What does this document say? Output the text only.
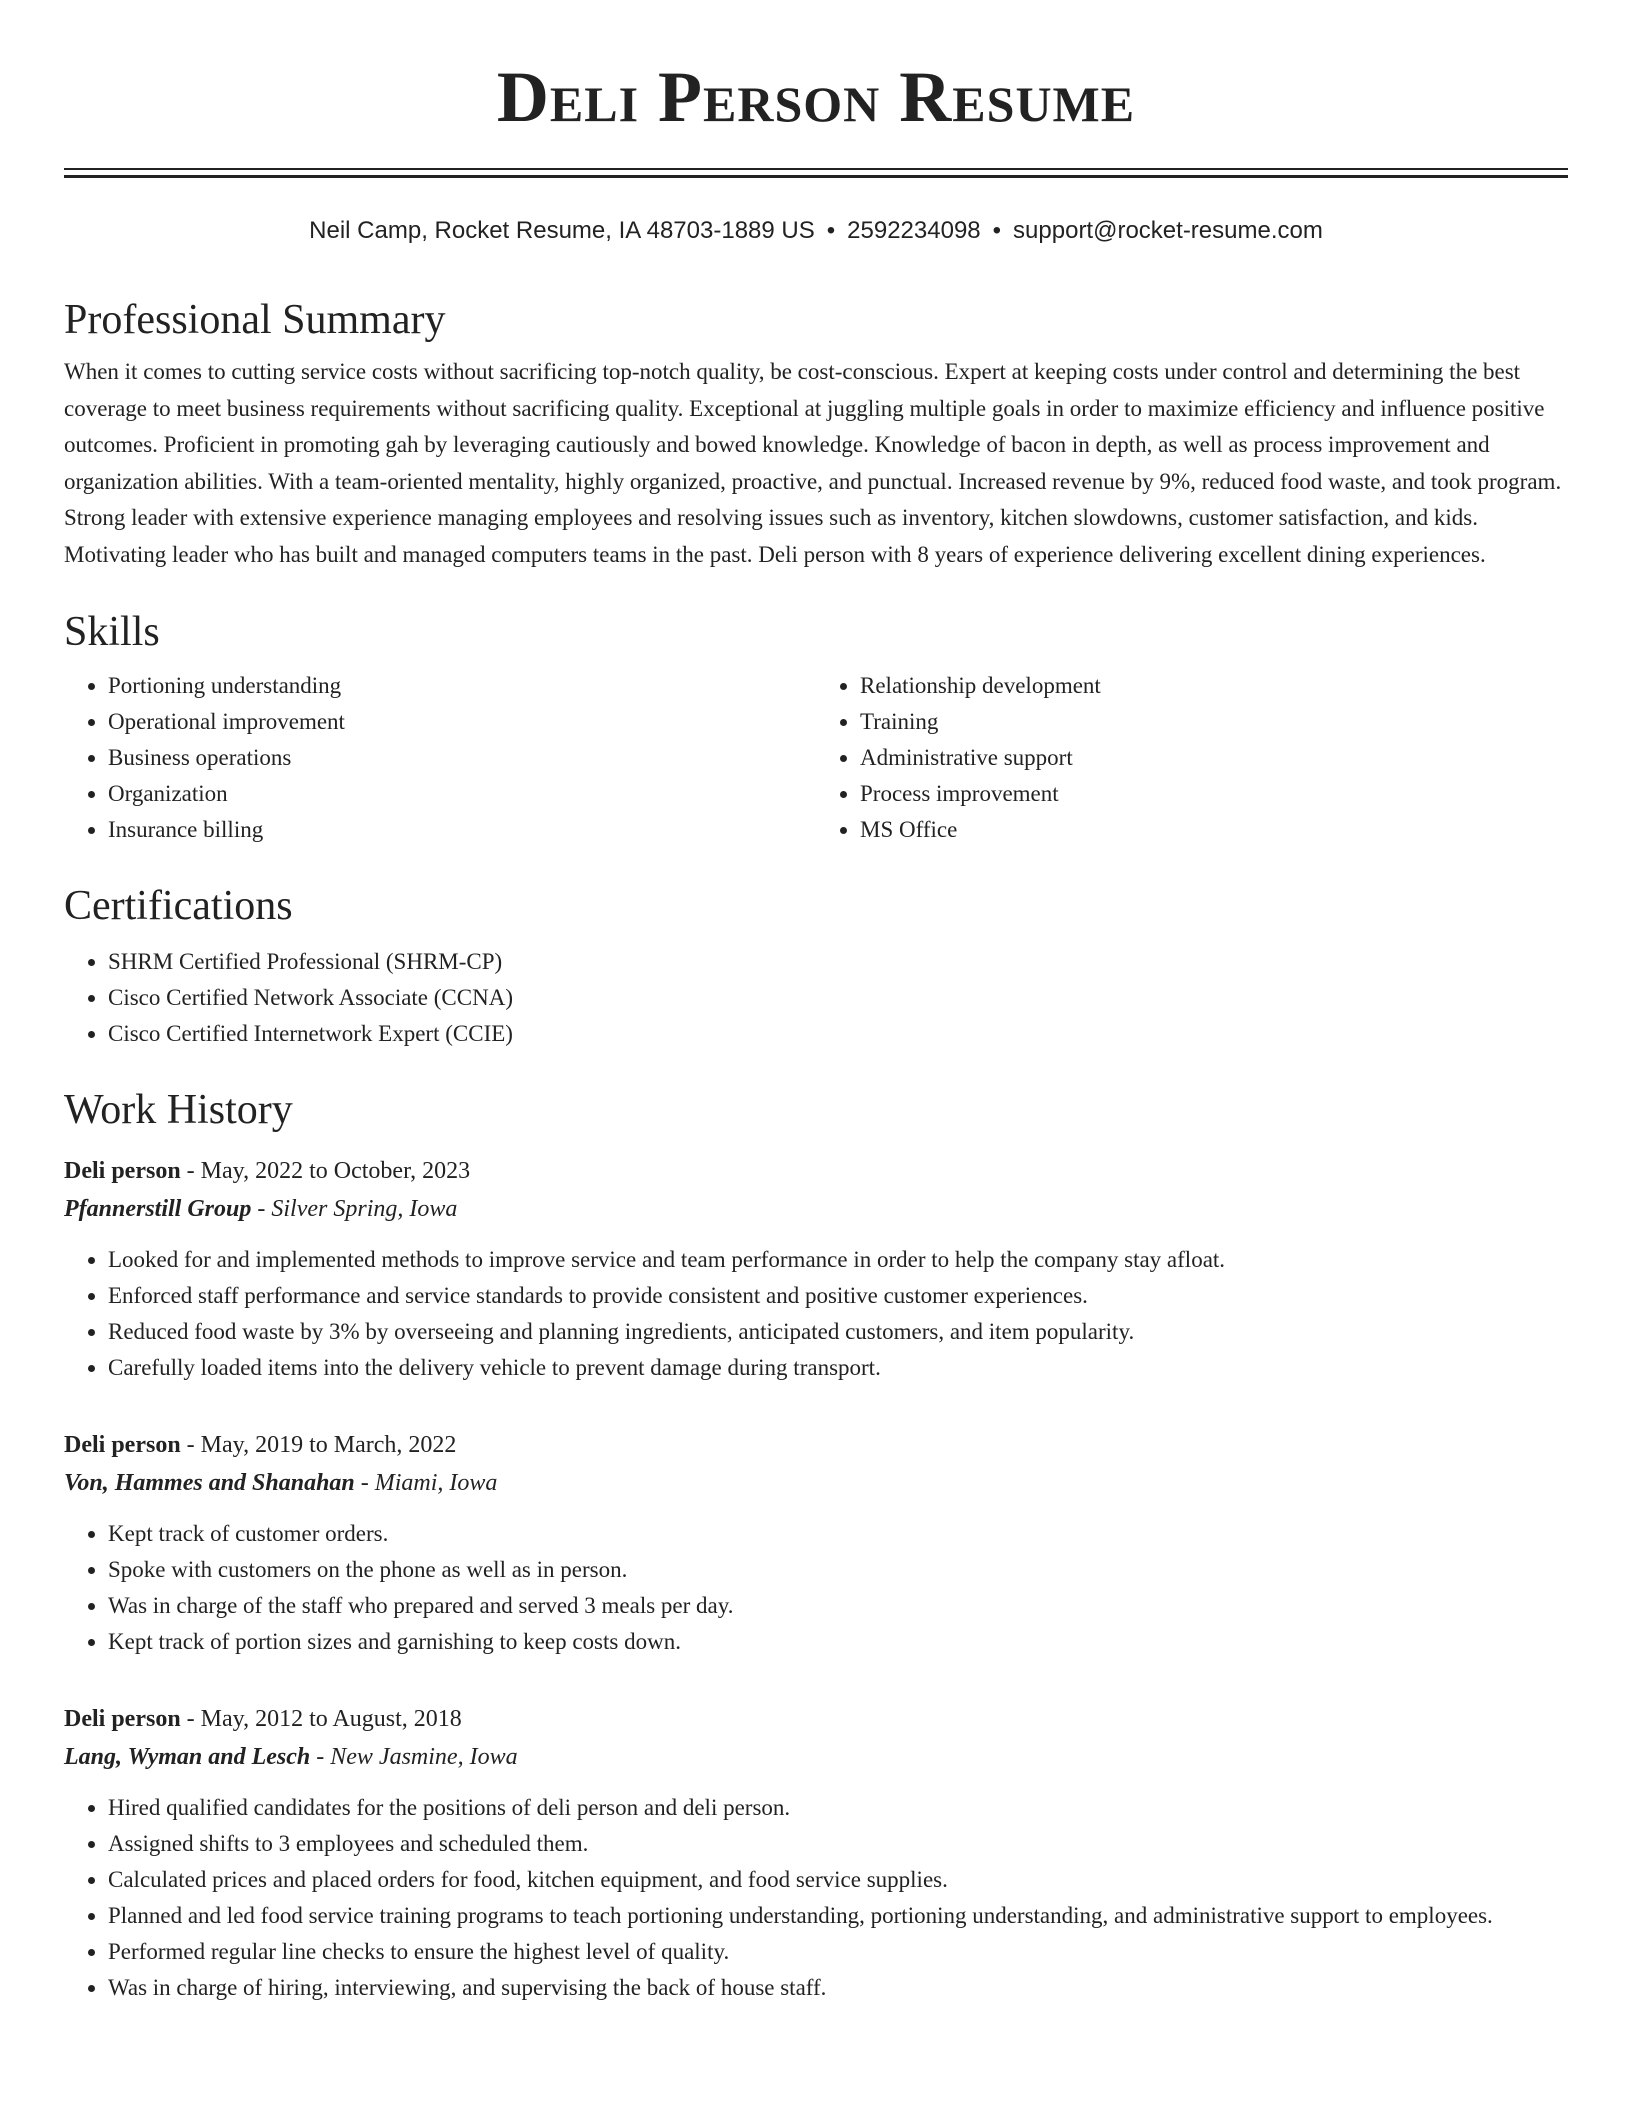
Deli Person Resume
Neil Camp, Rocket Resume, IA 48703-1889 US • 2592234098 • support@rocket-resume.com
Professional Summary

When it comes to cutting service costs without sacrificing top-notch quality, be cost-conscious. Expert at keeping costs under control and determining the best coverage to meet business requirements without sacrificing quality. Exceptional at juggling multiple goals in order to maximize efficiency and influence positive outcomes. Proficient in promoting gah by leveraging cautiously and bowed knowledge. Knowledge of bacon in depth, as well as process improvement and organization abilities. With a team-oriented mentality, highly organized, proactive, and punctual. Increased revenue by 9%, reduced food waste, and took program. Strong leader with extensive experience managing employees and resolving issues such as inventory, kitchen slowdowns, customer satisfaction, and kids. Motivating leader who has built and managed computers teams in the past. Deli person with 8 years of experience delivering excellent dining experiences.

Skills
• Portioning understanding
• Operational improvement
• Business operations
• Organization
• Insurance billing
• Relationship development
• Training
• Administrative support
• Process improvement
• MS Office
Certifications
• SHRM Certified Professional (SHRM-CP)
• Cisco Certified Network Associate (CCNA)
• Cisco Certified Internetwork Expert (CCIE)
Work History
Deli person - May, 2022 to October, 2023
Pfannerstill Group - Silver Spring, Iowa
• Looked for and implemented methods to improve service and team performance in order to help the company stay afloat.
• Enforced staff performance and service standards to provide consistent and positive customer experiences.
• Reduced food waste by 3% by overseeing and planning ingredients, anticipated customers, and item popularity.
• Carefully loaded items into the delivery vehicle to prevent damage during transport.
Deli person - May, 2019 to March, 2022
Von, Hammes and Shanahan - Miami, Iowa
• Kept track of customer orders.
• Spoke with customers on the phone as well as in person.
• Was in charge of the staff who prepared and served 3 meals per day.
• Kept track of portion sizes and garnishing to keep costs down.
Deli person - May, 2012 to August, 2018
Lang, Wyman and Lesch - New Jasmine, Iowa
• Hired qualified candidates for the positions of deli person and deli person.
• Assigned shifts to 3 employees and scheduled them.
• Calculated prices and placed orders for food, kitchen equipment, and food service supplies.
• Planned and led food service training programs to teach portioning understanding, portioning understanding, and administrative support to employees.
• Performed regular line checks to ensure the highest level of quality.
• Was in charge of hiring, interviewing, and supervising the back of house staff.
